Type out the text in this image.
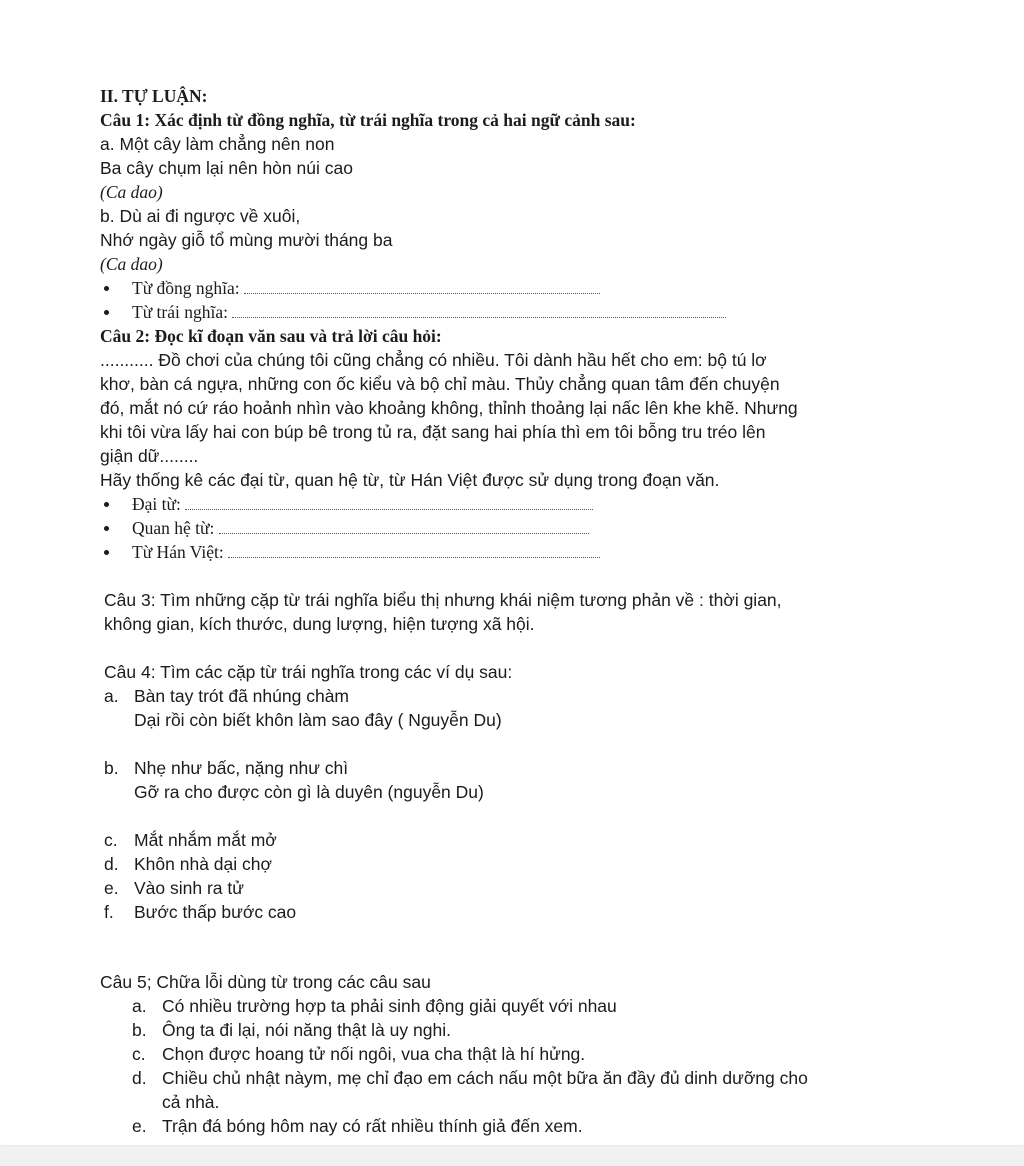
II. TỰ LUẬN:
Câu 1: Xác định từ đồng nghĩa, từ trái nghĩa trong cả hai ngữ cảnh sau:
a. Một cây làm chẳng nên non
Ba cây chụm lại nên hòn núi cao
(Ca dao)
b. Dù ai đi ngược về xuôi,
Nhớ ngày giỗ tổ mùng mười tháng ba
(Ca dao)
Từ đồng nghĩa:
Từ trái nghĩa:
Câu 2: Đọc kĩ đoạn văn sau và trả lời câu hỏi:
........... Đồ chơi của chúng tôi cũng chẳng có nhiều. Tôi dành hầu hết cho em: bộ tú lơ
khơ, bàn cá ngựa, những con ốc kiểu và bộ chỉ màu. Thủy chẳng quan tâm đến chuyện
đó, mắt nó cứ ráo hoảnh nhìn vào khoảng không, thỉnh thoảng lại nấc lên khe khẽ. Nhưng
khi tôi vừa lấy hai con búp bê trong tủ ra, đặt sang hai phía thì em tôi bỗng tru tréo lên
giận dữ........
Hãy thống kê các đại từ, quan hệ từ, từ Hán Việt được sử dụng trong đoạn văn.
Đại từ:
Quan hệ từ:
Từ Hán Việt:
Câu 3: Tìm những cặp từ trái nghĩa biểu thị nhưng khái niệm tương phản về : thời gian,
không gian, kích thước, dung lượng, hiện tượng xã hội.
Câu 4: Tìm các cặp từ trái nghĩa trong các ví dụ sau:
a. Bàn tay trót đã nhúng chàm
Dại rồi còn biết khôn làm sao đây ( Nguyễn Du)
b. Nhẹ như bấc, nặng như chì
Gỡ ra cho được còn gì là duyên (nguyễn Du)
c. Mắt nhắm mắt mở
d. Khôn nhà dại chợ
e. Vào sinh ra tử
f. Bước thấp bước cao
Câu 5; Chữa lỗi dùng từ trong các câu sau
a. Có nhiều trường hợp ta phải sinh động giải quyết với nhau
b. Ông ta đi lại, nói năng thật là uy nghi.
c. Chọn được hoang tử nối ngôi, vua cha thật là hí hửng.
d. Chiều chủ nhật nàym, mẹ chỉ đạo em cách nấu một bữa ăn đầy đủ dinh dưỡng cho
cả nhà.
e. Trận đá bóng hôm nay có rất nhiều thính giả đến xem.
